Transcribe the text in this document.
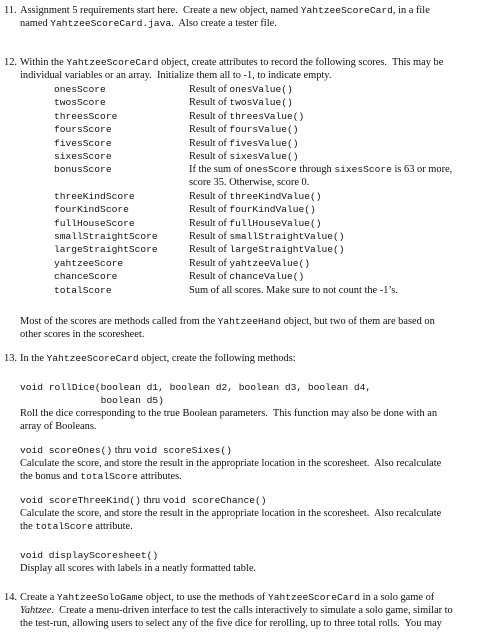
11. Assignment 5 requirements start here.  Create a new object, named YahtzeeScoreCard, in a file
named YahtzeeScoreCard.java.  Also create a tester file.
12. Within the YahtzeeScoreCard object, create attributes to record the following scores.  This may be
individual variables or an array.  Initialize them all to -1, to indicate empty.
onesScore	Result of onesValue()
twosScore	Result of twosValue()
threesScore	Result of threesValue()
foursScore	Result of foursValue()
fivesScore	Result of fivesValue()
sixesScore	Result of sixesValue()
bonusScore	If the sum of onesScore through sixesScore is 63 or more,
score 35. Otherwise, score 0.
threeKindScore	Result of threeKindValue()
fourKindScore	Result of fourKindValue()
fullHouseScore	Result of fullHouseValue()
smallStraightScore	Result of smallStraightValue()
largeStraightScore	Result of largeStraightValue()
yahtzeeScore	Result of yahtzeeValue()
chanceScore	Result of chanceValue()
totalScore	Sum of all scores. Make sure to not count the -1’s.
Most of the scores are methods called from the YahtzeeHand object, but two of them are based on
other scores in the scoresheet.
13. In the YahtzeeScoreCard object, create the following methods:
void rollDice(boolean d1, boolean d2, boolean d3, boolean d4,
boolean d5)
Roll the dice corresponding to the true Boolean parameters.  This function may also be done with an
array of Booleans.
void scoreOnes() thru void scoreSixes()
Calculate the score, and store the result in the appropriate location in the scoresheet.  Also recalculate
the bonus and totalScore attributes.
void scoreThreeKind() thru void scoreChance()
Calculate the score, and store the result in the appropriate location in the scoresheet.  Also recalculate
the totalScore attribute.
void displayScoresheet()
Display all scores with labels in a neatly formatted table.
14. Create a YahtzeeSoloGame object, to use the methods of YahtzeeScoreCard in a solo game of
Yahtzee.  Create a menu-driven interface to test the calls interactively to simulate a solo game, similar to
the test-run, allowing users to select any of the five dice for rerolling, up to three total rolls.  You may
